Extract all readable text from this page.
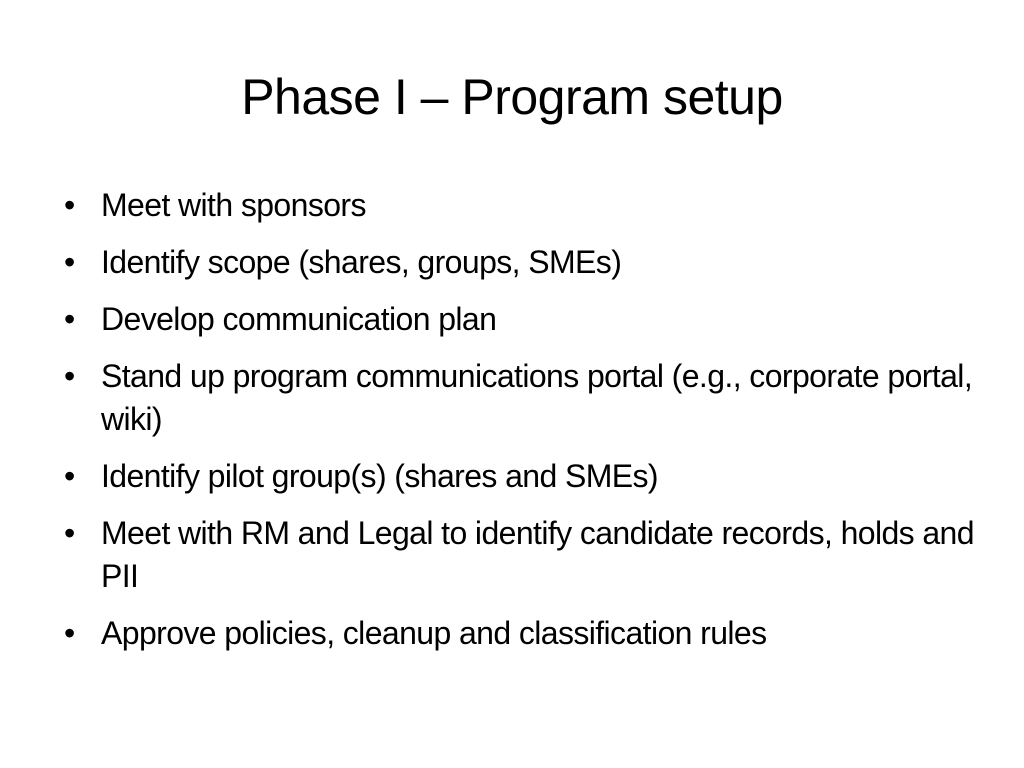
Phase I – Program setup
• Meet with sponsors
• Identify scope (shares, groups, SMEs)
• Develop communication plan
• Stand up program communications portal (e.g., corporate portal, wiki)
• Identify pilot group(s) (shares and SMEs)
• Meet with RM and Legal to identify candidate records, holds and PII
• Approve policies, cleanup and classification rules
